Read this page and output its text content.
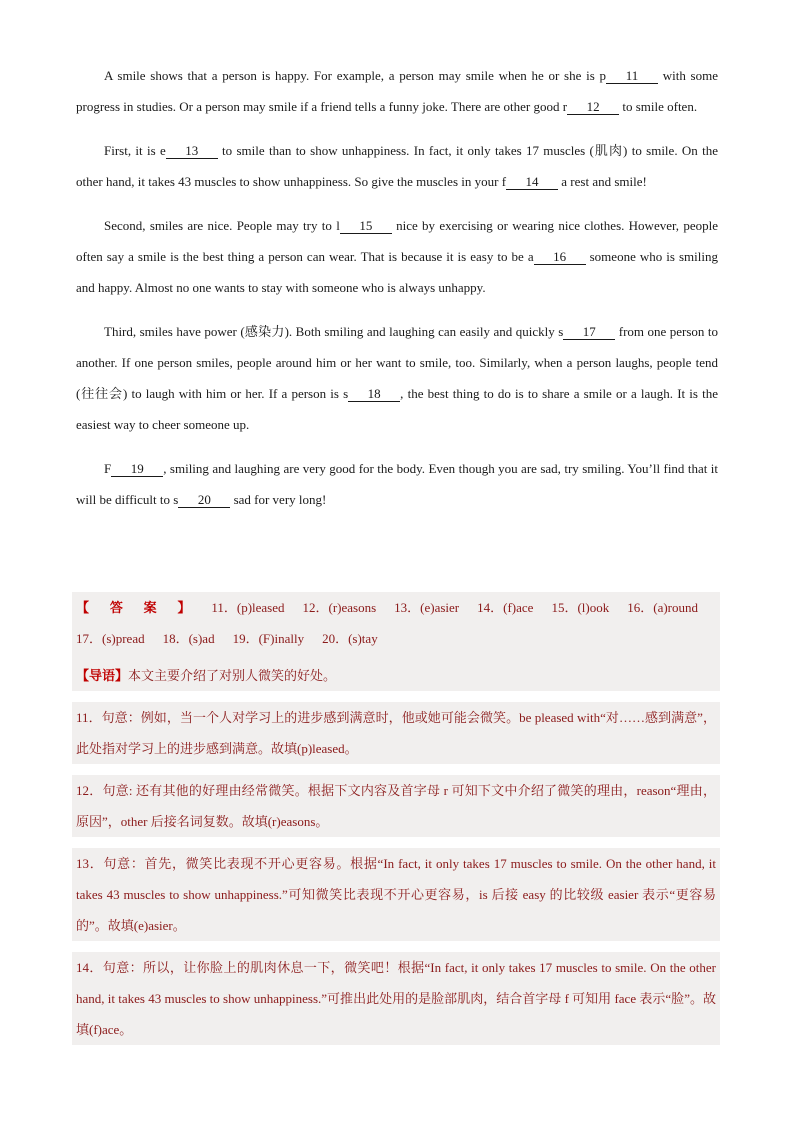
A smile shows that a person is happy. For example, a person may smile when he or she is p 11 with some progress in studies. Or a person may smile if a friend tells a funny joke. There are other good r 12 to smile often.

First, it is e 13 to smile than to show unhappiness. In fact, it only takes 17 muscles (肌肉) to smile. On the other hand, it takes 43 muscles to show unhappiness. So give the muscles in your f 14 a rest and smile!

Second, smiles are nice. People may try to l 15 nice by exercising or wearing nice clothes. However, people often say a smile is the best thing a person can wear. That is because it is easy to be a 16 someone who is smiling and happy. Almost no one wants to stay with someone who is always unhappy.

Third, smiles have power (感染力). Both smiling and laughing can easily and quickly s 17 from one person to another. If one person smiles, people around him or her want to smile, too. Similarly, when a person laughs, people tend (往往会) to laugh with him or her. If a person is s 18 , the best thing to do is to share a smile or a laugh. It is the easiest way to cheer someone up.

F 19 , smiling and laughing are very good for the body. Even though you are sad, try smiling. You’ll find that it will be difficult to s 20 sad for very long!

【答案】11．(p)leased 12．(r)easons 13．(e)asier 14．(f)ace 15．(l)ook 16．(a)round17．(s)pread 18．(s)ad 19．(F)inally 20．(s)tay
【导语】本文主要介绍了对别人微笑的好处。
11．句意：例如，当一个人对学习上的进步感到满意时，他或她可能会微笑。be pleased with“对……感到满意”，此处指对学习上的进步感到满意。故填(p)leased。
12．句意: 还有其他的好理由经常微笑。根据下文内容及首字母 r 可知下文中介绍了微笑的理由，reason“理由，原因”，other 后接名词复数。故填(r)easons。
13．句意：首先，微笑比表现不开心更容易。根据“In fact, it only takes 17 muscles to smile. On the other hand, it takes 43 muscles to show unhappiness.”可知微笑比表现不开心更容易，is 后接 easy 的比较级 easier 表示“更容易的”。故填(e)asier。
14．句意：所以，让你脸上的肌肉休息一下，微笑吧！根据“In fact, it only takes 17 muscles to smile. On the other hand, it takes 43 muscles to show unhappiness.”可推出此处用的是脸部肌肉，结合首字母 f 可知用 face 表示“脸”。故填(f)ace。
